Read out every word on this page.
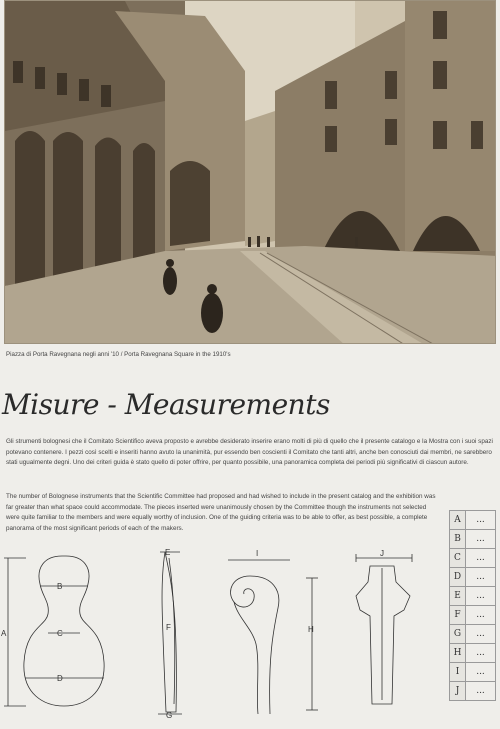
Piazza di Porta Ravegnana negli anni '10 / Porta Ravegnana Square in the 1910's
Misure - Measurements

Gli strumenti bolognesi che il Comitato Scientifico aveva proposto e avrebbe desiderato inserire erano molti di più di quello che il presente catalogo e la Mostra con i suoi spazi potevano contenere. I pezzi così scelti e inseriti hanno avuto la unanimità, pur essendo ben coscienti il Comitato che tanti altri, anche ben conosciuti dai membri, ne sarebbero stati ugualmente degni. Uno dei criteri guida è stato quello di poter offrire, per quanto possibile, una panoramica completa dei periodi più significativi di ciascun autore.

The number of Bolognese instruments that the Scientific Committee had proposed and had wished to include in the present catalog and the exhibition was far greater than what space could accommodate. The pieces inserted were unanimously chosen by the Committee though the instruments not selected were quite familiar to the members and were equally worthy of inclusion. One of the guiding criteria was to be able to offer, as best possible, a complete panorama of the most significant periods of each of the makers.

A
B
C
D
E
F
G
I
H
J
A	...
B	...
C	...
D	...
E	...
F	...
G	...
H	...
I	...
J	...
